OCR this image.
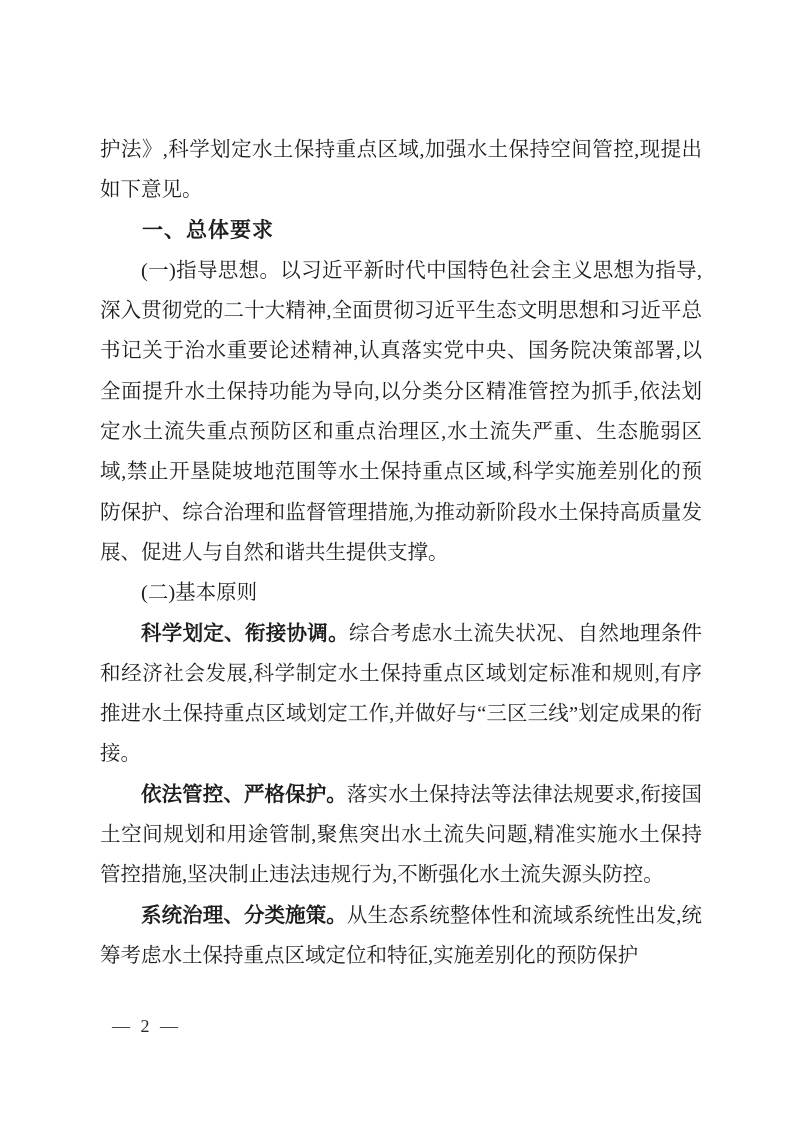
护法》,科学划定水土保持重点区域,加强水土保持空间管控,现提出如下意见。

一、总体要求

(一)指导思想。以习近平新时代中国特色社会主义思想为指导,深入贯彻党的二十大精神,全面贯彻习近平生态文明思想和习近平总书记关于治水重要论述精神,认真落实党中央、国务院决策部署,以全面提升水土保持功能为导向,以分类分区精准管控为抓手,依法划定水土流失重点预防区和重点治理区,水土流失严重、生态脆弱区域,禁止开垦陡坡地范围等水土保持重点区域,科学实施差别化的预防保护、综合治理和监督管理措施,为推动新阶段水土保持高质量发展、促进人与自然和谐共生提供支撑。

(二)基本原则

科学划定、衔接协调。综合考虑水土流失状况、自然地理条件和经济社会发展,科学制定水土保持重点区域划定标准和规则,有序推进水土保持重点区域划定工作,并做好与“三区三线”划定成果的衔接。

依法管控、严格保护。落实水土保持法等法律法规要求,衔接国土空间规划和用途管制,聚焦突出水土流失问题,精准实施水土保持管控措施,坚决制止违法违规行为,不断强化水土流失源头防控。

系统治理、分类施策。从生态系统整体性和流域系统性出发,统筹考虑水土保持重点区域定位和特征,实施差别化的预防保护

— 2 —
